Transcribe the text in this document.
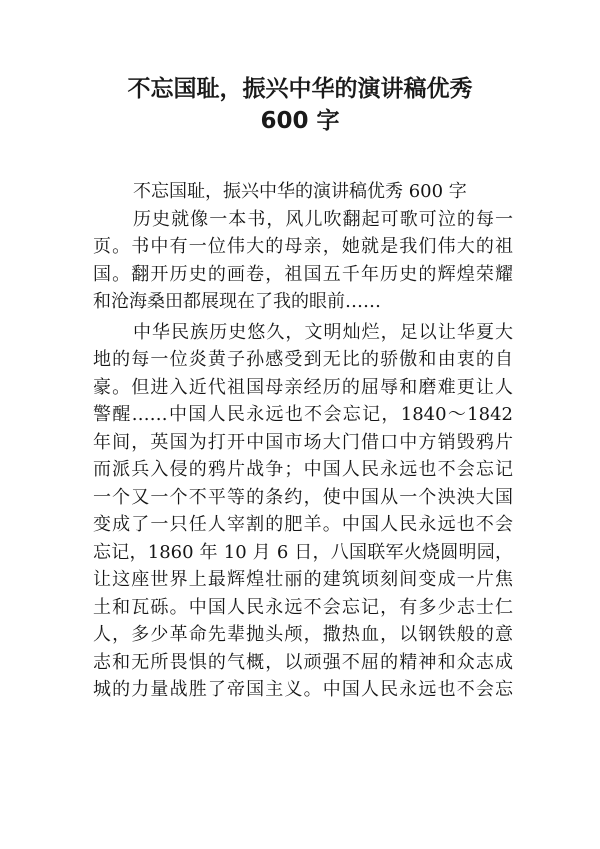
不忘国耻，振兴中华的演讲稿优秀
600 字
不忘国耻，振兴中华的演讲稿优秀 600 字
历史就像一本书，风儿吹翻起可歌可泣的每一
页。书中有一位伟大的母亲，她就是我们伟大的祖
国。翻开历史的画卷，祖国五千年历史的辉煌荣耀
和沧海桑田都展现在了我的眼前……
中华民族历史悠久，文明灿烂，足以让华夏大
地的每一位炎黄子孙感受到无比的骄傲和由衷的自
豪。但进入近代祖国母亲经历的屈辱和磨难更让人
警醒……中国人民永远也不会忘记，1840～1842
年间，英国为打开中国市场大门借口中方销毁鸦片
而派兵入侵的鸦片战争；中国人民永远也不会忘记
一个又一个不平等的条约，使中国从一个泱泱大国
变成了一只任人宰割的肥羊。中国人民永远也不会
忘记，1860 年 10 月 6 日，八国联军火烧圆明园，
让这座世界上最辉煌壮丽的建筑顷刻间变成一片焦
土和瓦砾。中国人民永远不会忘记，有多少志士仁
人，多少革命先辈抛头颅，撒热血，以钢铁般的意
志和无所畏惧的气概，以顽强不屈的精神和众志成
城的力量战胜了帝国主义。中国人民永远也不会忘
